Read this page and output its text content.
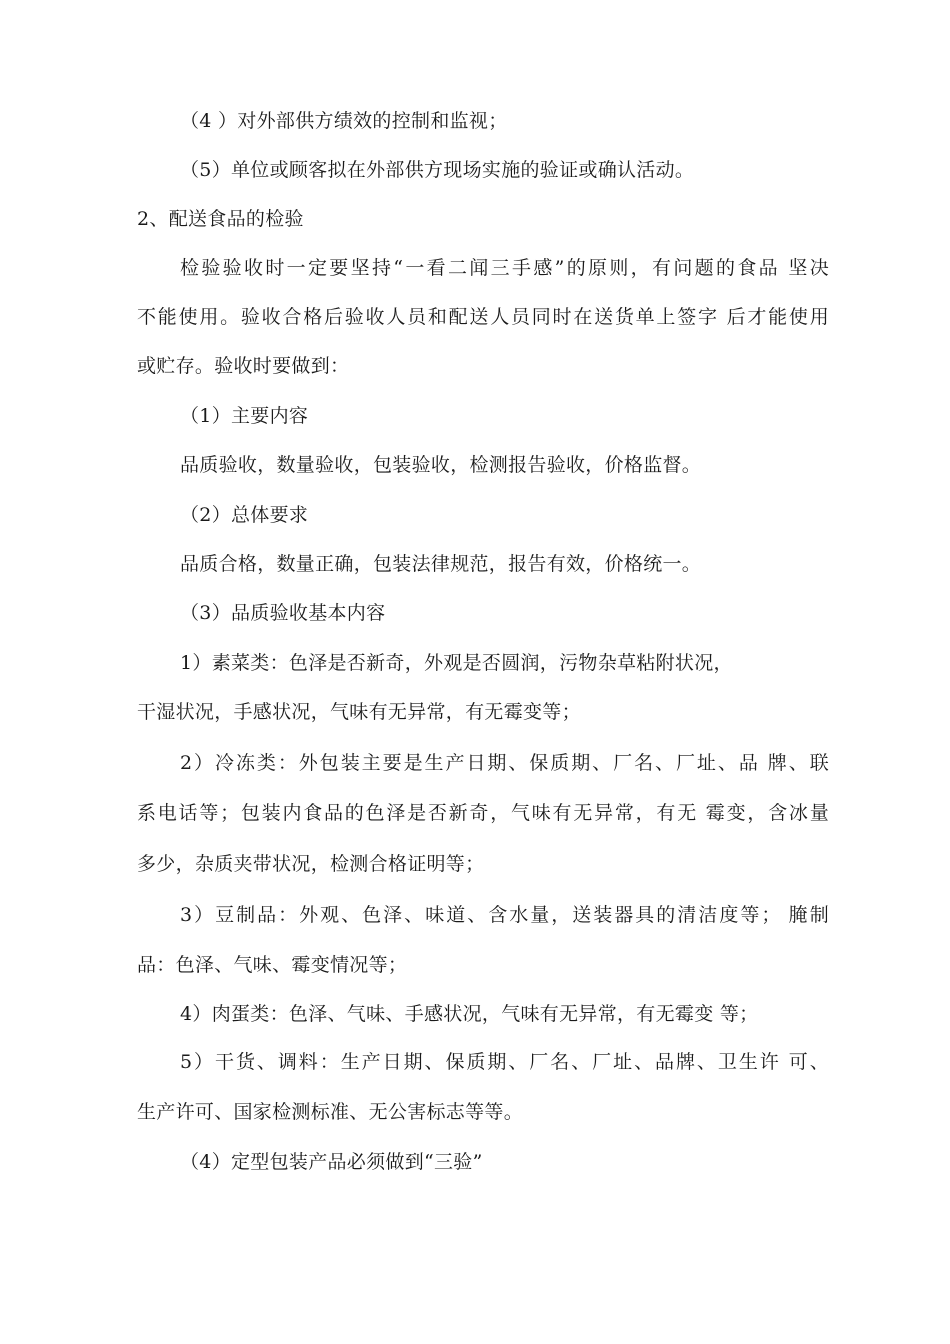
（4 ）对外部供方绩效的控制和监视；
（5）单位或顾客拟在外部供方现场实施的验证或确认活动。
2、配送食品的检验
检验验收时一定要坚持“一看二闻三手感”的原则，有问题的食品 坚决
不能使用。验收合格后验收人员和配送人员同时在送货单上签字 后才能使用
或贮存。验收时要做到：
（1）主要内容
品质验收，数量验收，包装验收，检测报告验收，价格监督。
（2）总体要求
品质合格，数量正确，包装法律规范，报告有效，价格统一。
（3）品质验收基本内容
1）素菜类：色泽是否新奇，外观是否圆润，污物杂草粘附状况，
干湿状况，手感状况，气味有无异常，有无霉变等；
2）冷冻类：外包装主要是生产日期、保质期、厂名、厂址、品 牌、联
系电话等；包装内食品的色泽是否新奇，气味有无异常，有无 霉变，含冰量
多少，杂质夹带状况，检测合格证明等；
3）豆制品：外观、色泽、味道、含水量，送装器具的清洁度等； 腌制
品：色泽、气味、霉变情况等；
4）肉蛋类：色泽、气味、手感状况，气味有无异常，有无霉变 等；
5）干货、调料：生产日期、保质期、厂名、厂址、品牌、卫生许 可、
生产许可、国家检测标准、无公害标志等等。
（4）定型包装产品必须做到“三验”
